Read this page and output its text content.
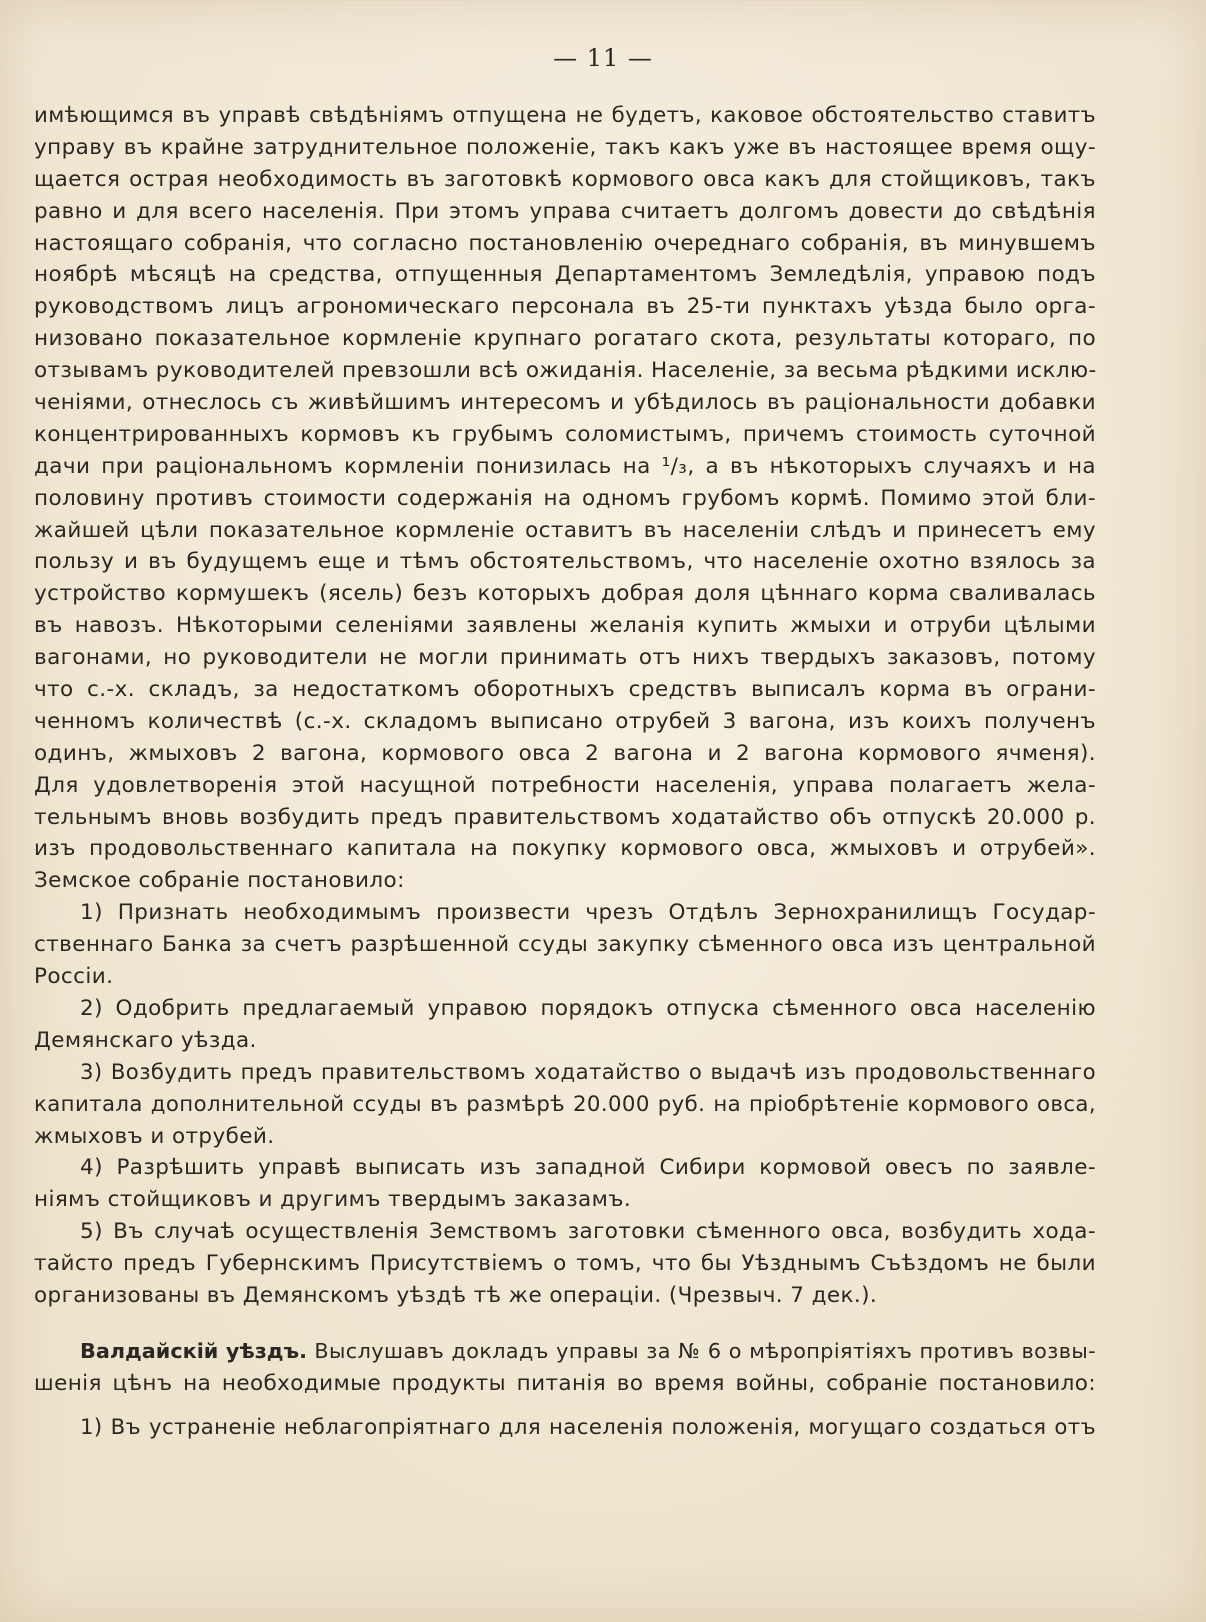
— 11 —
имѣющимся въ управѣ свѣдѣніямъ отпущена не будетъ, каковое обстоятельство ставитъ
управу въ крайне затруднительное положеніе, такъ какъ уже въ настоящее время ощу-
щается острая необходимость въ заготовкѣ кормового овса какъ для стойщиковъ, такъ
равно и для всего населенія. При этомъ управа считаетъ долгомъ довести до свѣдѣнія
настоящаго собранія, что согласно постановленію очереднаго собранія, въ минувшемъ
ноябрѣ мѣсяцѣ на средства, отпущенныя Департаментомъ Земледѣлія, управою подъ
руководствомъ лицъ агрономическаго персонала въ 25-ти пунктахъ уѣзда было орга-
низовано показательное кормленіе крупнаго рогатаго скота, результаты котораго, по
отзывамъ руководителей превзошли всѣ ожиданія. Населеніе, за весьма рѣдкими исклю-
ченіями, отнеслось съ живѣйшимъ интересомъ и убѣдилось въ раціональности добавки
концентрированныхъ кормовъ къ грубымъ соломистымъ, причемъ стоимость суточной
дачи при раціональномъ кормленіи понизилась на ¹/₃, а въ нѣкоторыхъ случаяхъ и на
половину противъ стоимости содержанія на одномъ грубомъ кормѣ. Помимо этой бли-
жайшей цѣли показательное кормленіе оставитъ въ населеніи слѣдъ и принесетъ ему
пользу и въ будущемъ еще и тѣмъ обстоятельствомъ, что населеніе охотно взялось за
устройство кормушекъ (ясель) безъ которыхъ добрая доля цѣннаго корма сваливалась
въ навозъ. Нѣкоторыми селеніями заявлены желанія купить жмыхи и отруби цѣлыми
вагонами, но руководители не могли принимать отъ нихъ твердыхъ заказовъ, потому
что с.-х. складъ, за недостаткомъ оборотныхъ средствъ выписалъ корма въ ограни-
ченномъ количествѣ (с.-х. складомъ выписано отрубей 3 вагона, изъ коихъ полученъ
одинъ, жмыховъ 2 вагона, кормового овса 2 вагона и 2 вагона кормового ячменя).
Для удовлетворенія этой насущной потребности населенія, управа полагаетъ жела-
тельнымъ вновь возбудить предъ правительствомъ ходатайство объ отпускѣ 20.000 р.
изъ продовольственнаго капитала на покупку кормового овса, жмыховъ и отрубей».
Земское собраніе постановило:
1) Признать необходимымъ произвести чрезъ Отдѣлъ Зернохранилищъ Государ-
ственнаго Банка за счетъ разрѣшенной ссуды закупку сѣменного овса изъ центральной
Россіи.
2) Одобрить предлагаемый управою порядокъ отпуска сѣменного овса населенію
Демянскаго уѣзда.
3) Возбудить предъ правительствомъ ходатайство о выдачѣ изъ продовольственнаго
капитала дополнительной ссуды въ размѣрѣ 20.000 руб. на пріобрѣтеніе кормового овса,
жмыховъ и отрубей.
4) Разрѣшить управѣ выписать изъ западной Сибири кормовой овесъ по заявле-
ніямъ стойщиковъ и другимъ твердымъ заказамъ.
5) Въ случаѣ осуществленія Земствомъ заготовки сѣменного овса, возбудить хода-
тайсто предъ Губернскимъ Присутствіемъ о томъ, что бы Уѣзднымъ Съѣздомъ не были
организованы въ Демянскомъ уѣздѣ тѣ же операціи. (Чрезвыч. 7 дек.).
Валдайскій уѣздъ. Выслушавъ докладъ управы за № 6 о мѣропріятіяхъ противъ возвы-
шенія цѣнъ на необходимые продукты питанія во время войны, собраніе постановило:
1) Въ устраненіе неблагопріятнаго для населенія положенія, могущаго создаться отъ
